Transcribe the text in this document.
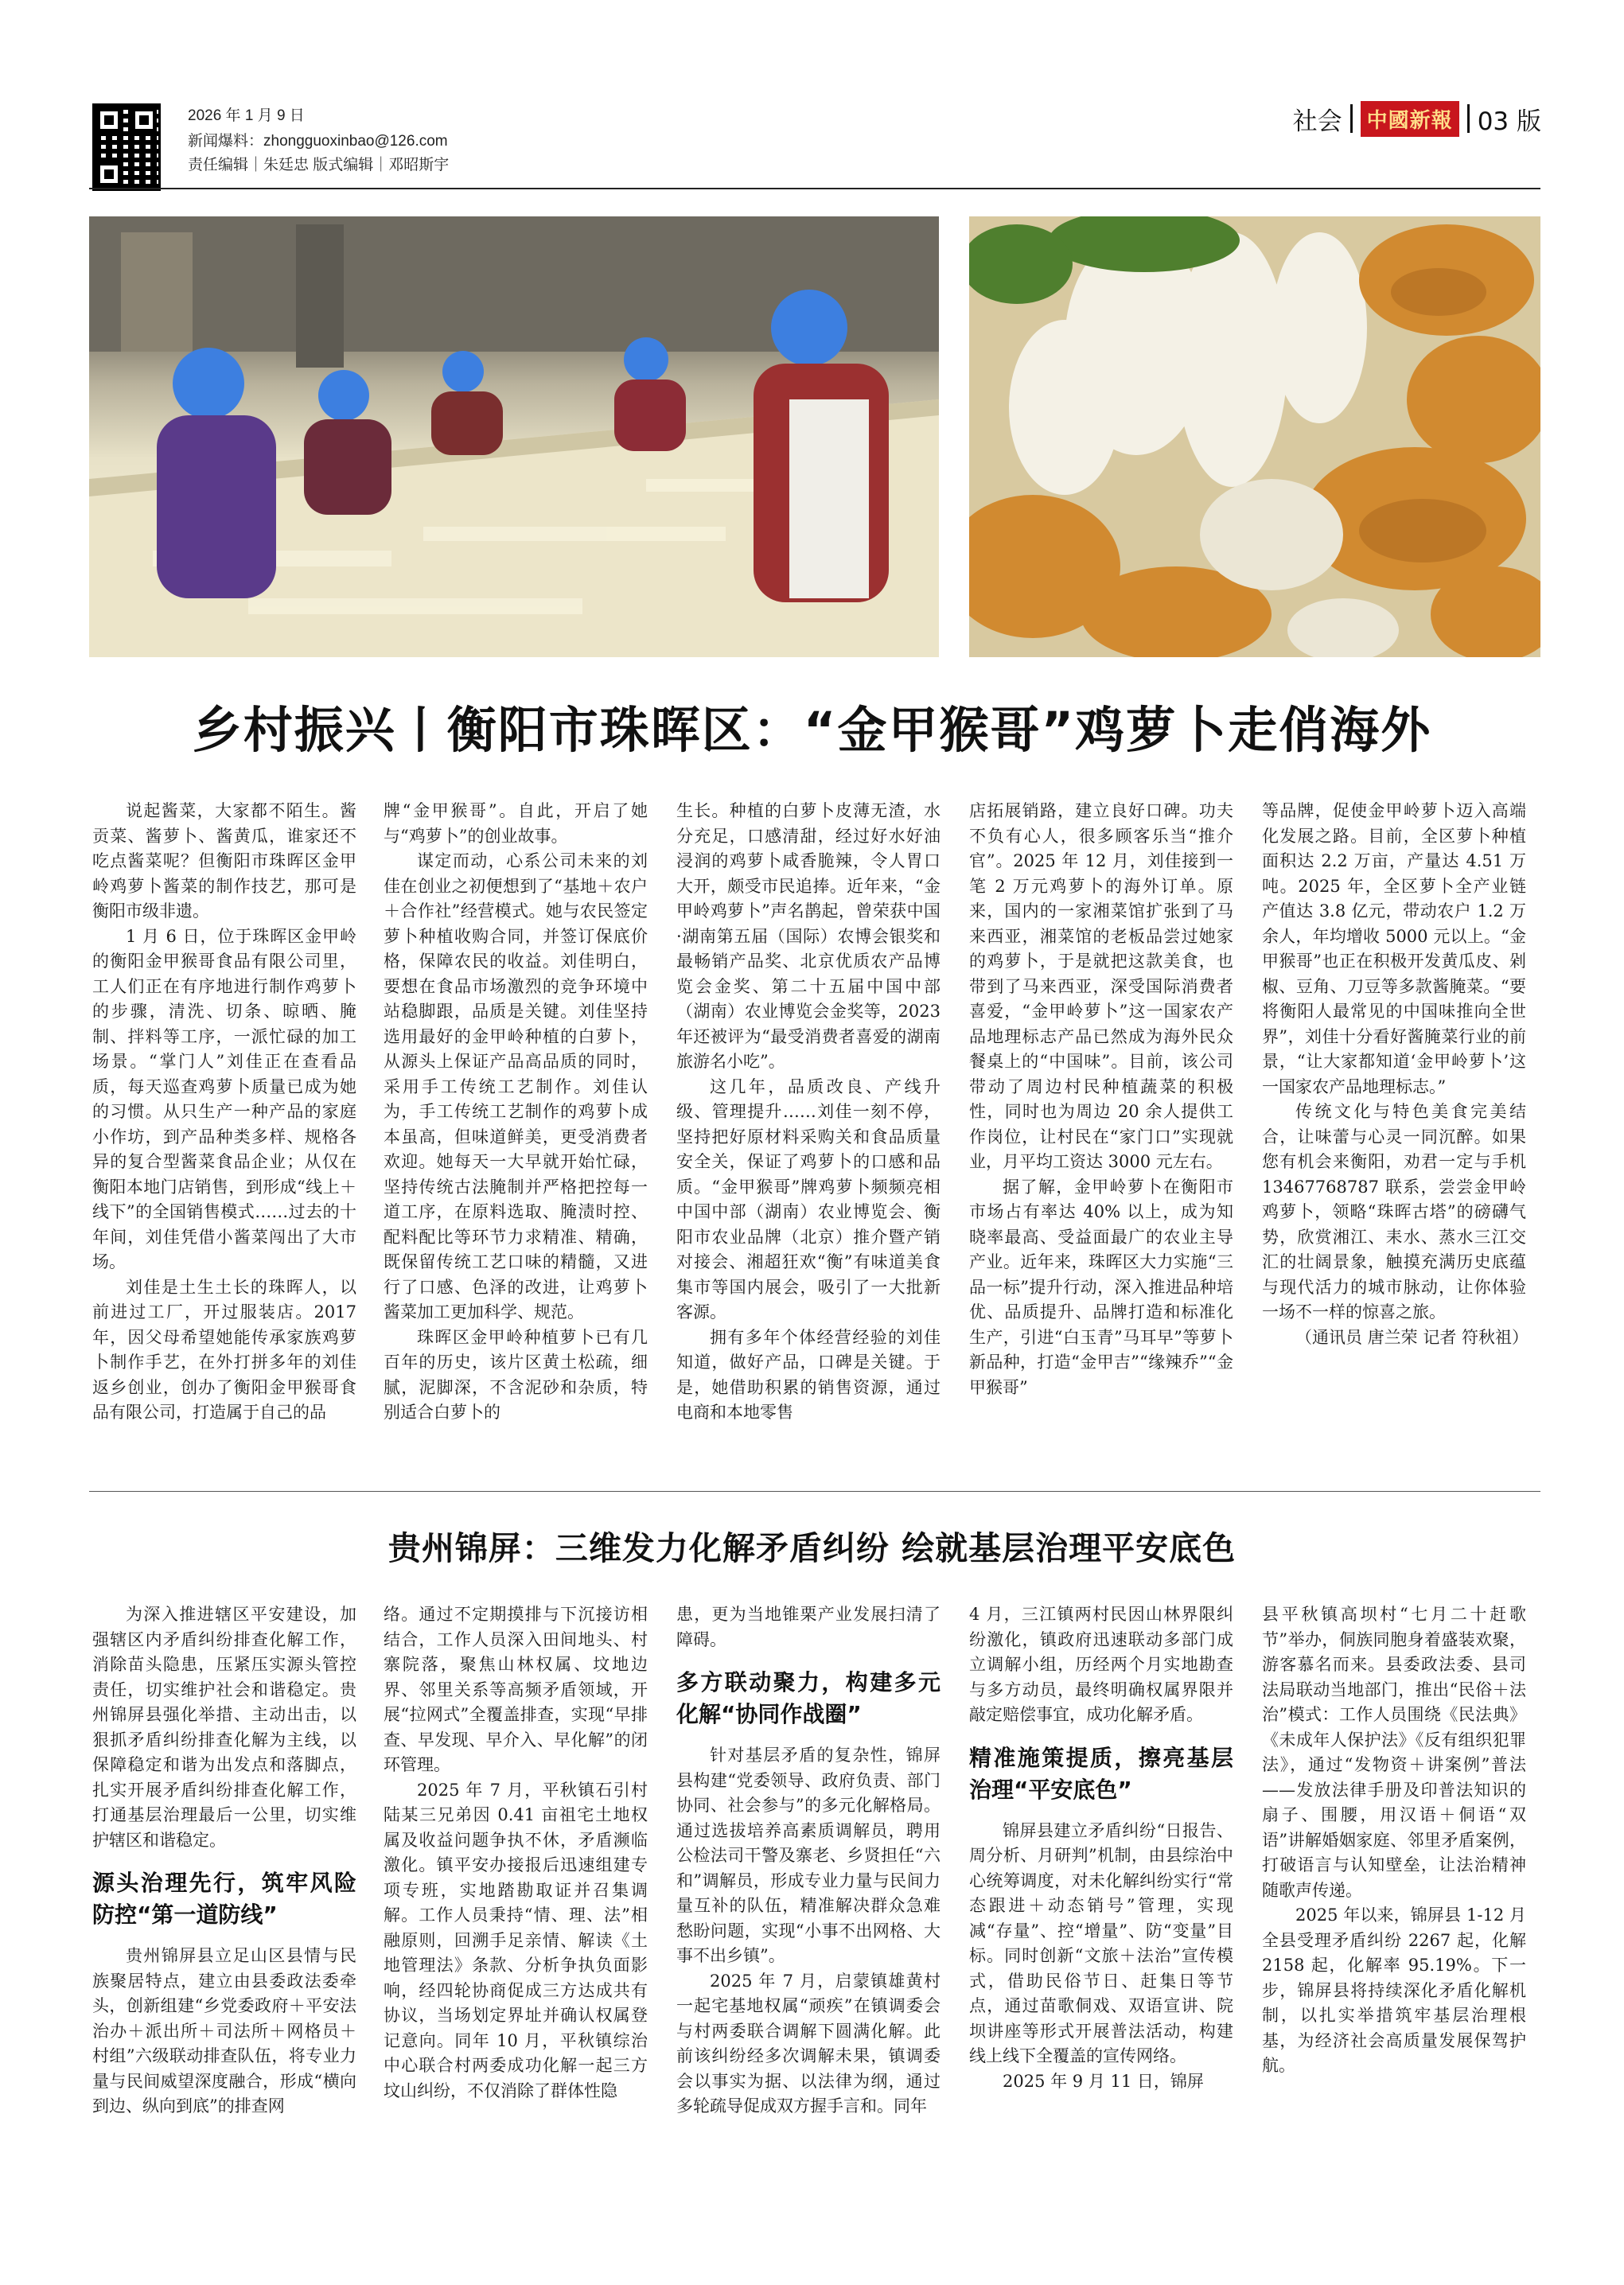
2026 年 1 月 9 日
新闻爆料：zhongguoxinbao@126.com
责任编辑｜朱廷忠 版式编辑｜邓昭斯宇
社会	中國新報 03 版
乡村振兴丨衡阳市珠晖区：“金甲猴哥”鸡萝卜走俏海外

说起酱菜，大家都不陌生。酱贡菜、酱萝卜、酱黄瓜，谁家还不吃点酱菜呢？但衡阳市珠晖区金甲岭鸡萝卜酱菜的制作技艺，那可是衡阳市级非遗。

1 月 6 日，位于珠晖区金甲岭的衡阳金甲猴哥食品有限公司里，工人们正在有序地进行制作鸡萝卜的步骤，清洗、切条、晾晒、腌制、拌料等工序，一派忙碌的加工场景。“掌门人”刘佳正在查看品质，每天巡查鸡萝卜质量已成为她的习惯。从只生产一种产品的家庭小作坊，到产品种类多样、规格各异的复合型酱菜食品企业；从仅在衡阳本地门店销售，到形成“线上＋线下”的全国销售模式……过去的十年间，刘佳凭借小酱菜闯出了大市场。

刘佳是土生土长的珠晖人，以前进过工厂，开过服装店。2017 年，因父母希望她能传承家族鸡萝卜制作手艺，在外打拼多年的刘佳返乡创业，创办了衡阳金甲猴哥食品有限公司，打造属于自己的品

牌“金甲猴哥”。自此，开启了她与“鸡萝卜”的创业故事。

谋定而动，心系公司未来的刘佳在创业之初便想到了“基地＋农户＋合作社”经营模式。她与农民签定萝卜种植收购合同，并签订保底价格，保障农民的收益。刘佳明白，要想在食品市场激烈的竞争环境中站稳脚跟，品质是关键。刘佳坚持选用最好的金甲岭种植的白萝卜，从源头上保证产品高品质的同时，采用手工传统工艺制作。刘佳认为，手工传统工艺制作的鸡萝卜成本虽高，但味道鲜美，更受消费者欢迎。她每天一大早就开始忙碌，坚持传统古法腌制并严格把控每一道工序，在原料选取、腌渍时控、配料配比等环节力求精准、精确，既保留传统工艺口味的精髓，又进行了口感、色泽的改进，让鸡萝卜酱菜加工更加科学、规范。

珠晖区金甲岭种植萝卜已有几百年的历史，该片区黄土松疏，细腻，泥脚深，不含泥砂和杂质，特别适合白萝卜的

生长。种植的白萝卜皮薄无渣，水分充足，口感清甜，经过好水好油浸润的鸡萝卜咸香脆辣，令人胃口大开，颇受市民追捧。近年来，“金甲岭鸡萝卜”声名鹊起，曾荣获中国·湖南第五届（国际）农博会银奖和最畅销产品奖、北京优质农产品博览会金奖、第二十五届中国中部（湖南）农业博览会金奖等，2023 年还被评为“最受消费者喜爱的湖南旅游名小吃”。

这几年，品质改良、产线升级、管理提升……刘佳一刻不停，坚持把好原材料采购关和食品质量安全关，保证了鸡萝卜的口感和品质。“金甲猴哥”牌鸡萝卜频频亮相中国中部（湖南）农业博览会、衡阳市农业品牌（北京）推介暨产销对接会、湘超狂欢“衡”有味道美食集市等国内展会，吸引了一大批新客源。

拥有多年个体经营经验的刘佳知道，做好产品，口碑是关键。于是，她借助积累的销售资源，通过电商和本地零售

店拓展销路，建立良好口碑。功夫不负有心人，很多顾客乐当“推介官”。2025 年 12 月，刘佳接到一笔 2 万元鸡萝卜的海外订单。原来，国内的一家湘菜馆扩张到了马来西亚，湘菜馆的老板品尝过她家的鸡萝卜，于是就把这款美食，也带到了马来西亚，深受国际消费者喜爱，“金甲岭萝卜”这一国家农产品地理标志产品已然成为海外民众餐桌上的“中国味”。目前，该公司带动了周边村民种植蔬菜的积极性，同时也为周边 20 余人提供工作岗位，让村民在“家门口”实现就业，月平均工资达 3000 元左右。

据了解，金甲岭萝卜在衡阳市市场占有率达 40% 以上，成为知晓率最高、受益面最广的农业主导产业。近年来，珠晖区大力实施“三品一标”提升行动，深入推进品种培优、品质提升、品牌打造和标准化生产，引进“白玉青”马耳早”等萝卜新品种，打造“金甲吉”“缘辣乔”“金甲猴哥”

等品牌，促使金甲岭萝卜迈入高端化发展之路。目前，全区萝卜种植面积达 2.2 万亩，产量达 4.51 万吨。2025 年，全区萝卜全产业链产值达 3.8 亿元，带动农户 1.2 万余人，年均增收 5000 元以上。“金甲猴哥”也正在积极开发黄瓜皮、剁椒、豆角、刀豆等多款酱腌菜。“要将衡阳人最常见的中国味推向全世界”，刘佳十分看好酱腌菜行业的前景，“让大家都知道‘金甲岭萝卜’这一国家农产品地理标志。”

传统文化与特色美食完美结合，让味蕾与心灵一同沉醉。如果您有机会来衡阳，劝君一定与手机 13467768787 联系，尝尝金甲岭鸡萝卜，领略“珠晖古塔”的磅礴气势，欣赏湘江、耒水、蒸水三江交汇的壮阔景象，触摸充满历史底蕴与现代活力的城市脉动，让你体验一场不一样的惊喜之旅。

（通讯员 唐兰荣 记者 符秋祖）

贵州锦屏：三维发力化解矛盾纠纷 绘就基层治理平安底色

为深入推进辖区平安建设，加强辖区内矛盾纠纷排查化解工作，消除苗头隐患，压紧压实源头管控责任，切实维护社会和谐稳定。贵州锦屏县强化举措、主动出击，以狠抓矛盾纠纷排查化解为主线，以保障稳定和谐为出发点和落脚点，扎实开展矛盾纠纷排查化解工作，打通基层治理最后一公里，切实维护辖区和谐稳定。

源头治理先行，筑牢风险防控“第一道防线”

贵州锦屏县立足山区县情与民族聚居特点，建立由县委政法委牵头，创新组建“乡党委政府＋平安法治办＋派出所＋司法所＋网格员＋村组”六级联动排查队伍，将专业力量与民间威望深度融合，形成“横向到边、纵向到底”的排查网

络。通过不定期摸排与下沉接访相结合，工作人员深入田间地头、村寨院落，聚焦山林权属、坟地边界、邻里关系等高频矛盾领域，开展“拉网式”全覆盖排查，实现“早排查、早发现、早介入、早化解”的闭环管理。

2025 年 7 月，平秋镇石引村陆某三兄弟因 0.41 亩祖宅土地权属及收益问题争执不休，矛盾濒临激化。镇平安办接报后迅速组建专项专班，实地踏勘取证并召集调解。工作人员秉持“情、理、法”相融原则，回溯手足亲情、解读《土地管理法》条款、分析争执负面影响，经四轮协商促成三方达成共有协议，当场划定界址并确认权属登记意向。同年 10 月，平秋镇综治中心联合村两委成功化解一起三方坟山纠纷，不仅消除了群体性隐

患，更为当地锥栗产业发展扫清了障碍。

多方联动聚力，构建多元化解“协同作战圈”

针对基层矛盾的复杂性，锦屏县构建“党委领导、政府负责、部门协同、社会参与”的多元化解格局。通过选拔培养高素质调解员，聘用公检法司干警及寨老、乡贤担任“六和”调解员，形成专业力量与民间力量互补的队伍，精准解决群众急难愁盼问题，实现“小事不出网格、大事不出乡镇”。

2025 年 7 月，启蒙镇雄黄村一起宅基地权属“顽疾”在镇调委会与村两委联合调解下圆满化解。此前该纠纷经多次调解未果，镇调委会以事实为据、以法律为纲，通过多轮疏导促成双方握手言和。同年

4 月，三江镇两村民因山林界限纠纷激化，镇政府迅速联动多部门成立调解小组，历经两个月实地勘查与多方动员，最终明确权属界限并敲定赔偿事宜，成功化解矛盾。

精准施策提质，擦亮基层治理“平安底色”

锦屏县建立矛盾纠纷“日报告、周分析、月研判”机制，由县综治中心统筹调度，对未化解纠纷实行“常态跟进＋动态销号”管理，实现减“存量”、控“增量”、防“变量”目标。同时创新“文旅＋法治”宣传模式，借助民俗节日、赶集日等节点，通过苗歌侗戏、双语宣讲、院坝讲座等形式开展普法活动，构建线上线下全覆盖的宣传网络。

2025 年 9 月 11 日，锦屏

县平秋镇高坝村“七月二十赶歌节”举办，侗族同胞身着盛装欢聚，游客慕名而来。县委政法委、县司法局联动当地部门，推出“民俗＋法治”模式：工作人员围绕《民法典》《未成年人保护法》《反有组织犯罪法》，通过“发物资＋讲案例”普法——发放法律手册及印普法知识的扇子、围腰，用汉语＋侗语“双语”讲解婚姻家庭、邻里矛盾案例，打破语言与认知壁垒，让法治精神随歌声传递。

2025 年以来，锦屏县 1-12 月全县受理矛盾纠纷 2267 起，化解 2158 起，化解率 95.19%。下一步，锦屏县将持续深化矛盾化解机制，以扎实举措筑牢基层治理根基，为经济社会高质量发展保驾护航。
